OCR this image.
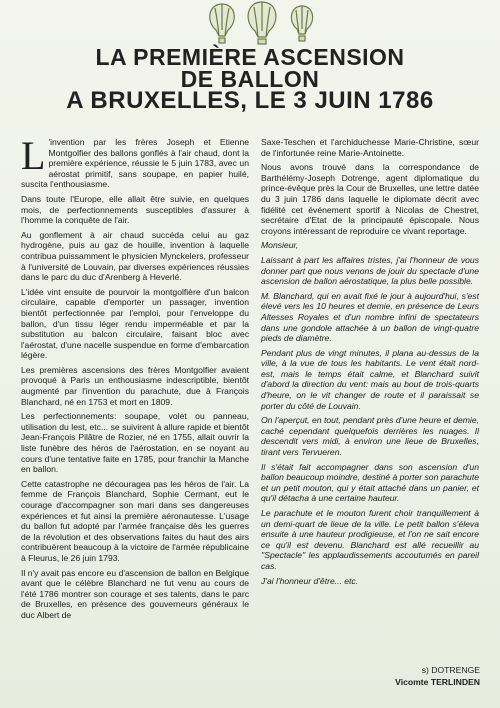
LA PREMIÈRE ASCENSION
DE BALLON
A BRUXELLES, LE 3 JUIN 1786

L 'invention par les frères Joseph et Etienne Montgolfier des ballons gonflés à l'air chaud, dont la première expérience, réussie le 5 juin 1783, avec un aérostat primitif, sans soupape, en papier huilé, suscita l'enthousiasme.

Dans toute l'Europe, elle allait être suivie, en quelques mois, de perfectionnements susceptibles d'assurer à l'homme la conquête de l'air.

Au gonflement à air chaud succéda celui au gaz hydrogène, puis au gaz de houille, invention à laquelle contribua puissamment le physicien Mynckelers, professeur à l'université de Louvain, par diverses expériences réussies dans le parc du duc d'Arenberg à Heverlé.

L'idée vint ensuite de pourvoir la montgolfière d'un balcon circulaire, capable d'emporter un passager, invention bientôt perfectionnée par l'emploi, pour l'enveloppe du ballon, d'un tissu léger rendu imperméable et par la substitution au balcon circulaire, faisant bloc avec l'aérostat, d'une nacelle suspendue en forme d'embarcation légère.

Les premières ascensions des frères Montgolfier avaient provoqué à Paris un enthousiasme indescriptible, bientôt augmenté par l'invention du parachute, due à François Blanchard, né en 1753 et mort en 1809.

Les perfectionnements: soupape, volet ou panneau, utilisation du lest, etc... se suivirent à allure rapide et bientôt Jean-François Pilâtre de Rozier, né en 1755, allait ouvrir la liste funèbre des héros de l'aérostation, en se noyant au cours d'une tentative faite en 1785, pour franchir la Manche en ballon.

Cette catastrophe ne découragea pas les héros de l'air. La femme de François Blanchard, Sophie Cermant, eut le courage d'accompagner son mari dans ses dangereuses expériences et fut ainsi la première aéronautesse. L'usage du ballon fut adopté par l'armée française dès les guerres de la révolution et des observations faites du haut des airs contribuèrent beaucoup à la victoire de l'armée républicaine à Fleurus, le 26 juin 1793.

Il n'y avait pas encore eu d'ascension de ballon en Belgique avant que le célèbre Blanchard ne fut venu au cours de l'été 1786 montrer son courage et ses talents, dans le parc de Bruxelles, en présence des gouverneurs généraux le duc Albert de

Saxe-Teschen et l'archiduchesse Marie-Christine, sœur de l'infortunée reine Marie-Antoinette.

Nous avons trouvé dans la correspondance de Barthélémy-Joseph Dotrenge, agent diplomatique du prince-évêque près la Cour de Bruxelles, une lettre datée du 3 juin 1786 dans laquelle le diplomate décrit avec fidélité cet événement sportif à Nicolas de Chestret, secrétaire d'Etat de la principauté épiscopale. Nous croyons intéressant de reproduire ce vivant reportage.

Monsieur,

Laissant à part les affaires tristes, j'ai l'honneur de vous donner part que nous venons de jouir du spectacle d'une ascension de ballon aérostatique, la plus belle possible.

M. Blanchard, qui en avait fixé le jour à aujourd'hui, s'est élevé vers les 10 heures et demie, en présence de Leurs Altesses Royales et d'un nombre infini de spectateurs dans une gondole attachée à un ballon de vingt-quatre pieds de diamètre.

Pendant plus de vingt minutes, il plana au-dessus de la ville, à la vue de tous les habitants. Le vent était nord-est, mais le temps était calme, et Blanchard suivit d'abord la direction du vent: mais au bout de trois-quarts d'heure, on le vit changer de route et il paraissait se porter du côté de Louvain.

On l'aperçut, en tout, pendant près d'une heure et demie, caché cependant quelquefois derrières les nuages. Il descendit vers midi, à environ une lieue de Bruxelles, tirant vers Tervueren.

Il s'était fait accompagner dans son ascension d'un ballon beaucoup moindre, destiné à porter son parachute et un petit mouton, qui y était attaché dans un panier, et qu'il détacha à une certaine hauteur.

Le parachute et le mouton furent choir tranquillement à un demi-quart de lieue de la ville. Le petit ballon s'éleva ensuite à une hauteur prodigieuse, et l'on ne sait encore ce qu'il est devenu. Blanchard est allé recueillir au ''Spectacle'' les applaudissements accoutumés en pareil cas.

J'ai l'honneur d'être... etc.

s) DOTRENGE
Vicomte TERLINDEN
